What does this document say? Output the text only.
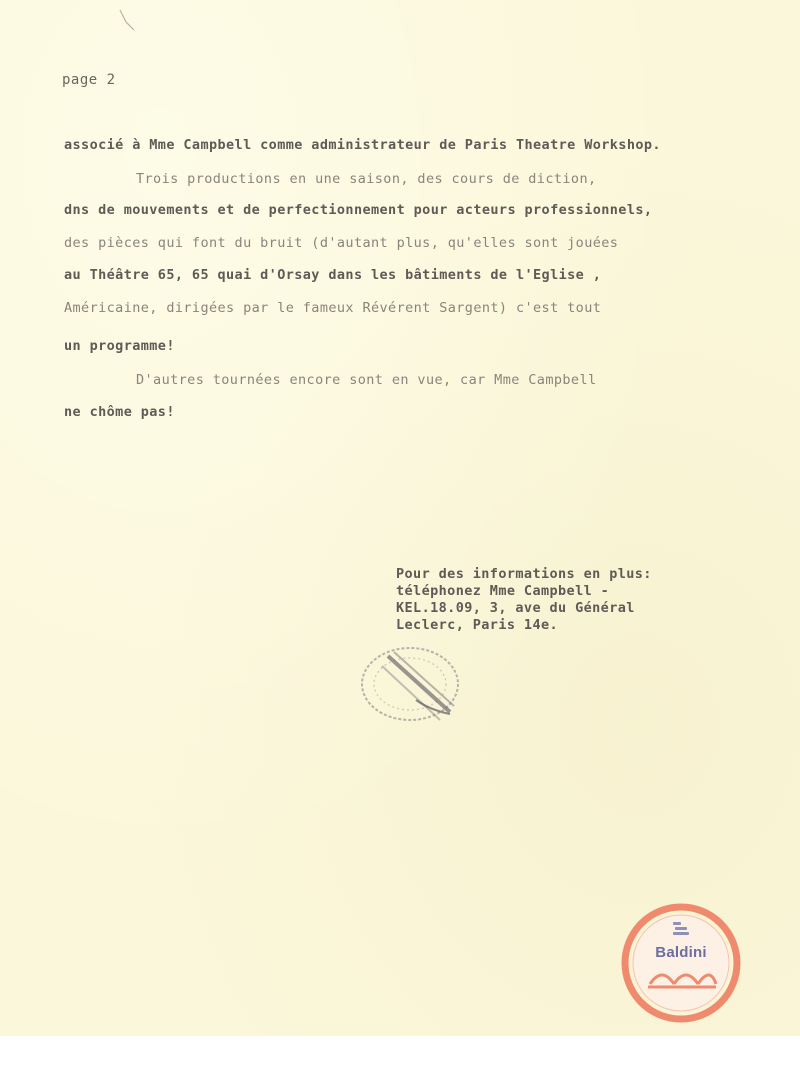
page 2
associé à Mme Campbell comme administrateur de Paris Theatre Workshop.
Trois productions en une saison, des cours de diction,
dns de mouvements et de perfectionnement pour acteurs professionnels,
des pièces qui font du bruit (d'autant plus, qu'elles sont jouées
au Théâtre 65, 65 quai d'Orsay dans les bâtiments de l'Eglise ,
Américaine, dirigées par le fameux Révérent Sargent) c'est tout
un programme!
D'autres tournées encore sont en vue, car Mme Campbell
ne chôme pas!
Pour des informations en plus:
téléphonez Mme Campbell -
KEL.18.09, 3, ave du Général
Leclerc, Paris 14e.
Baldini
